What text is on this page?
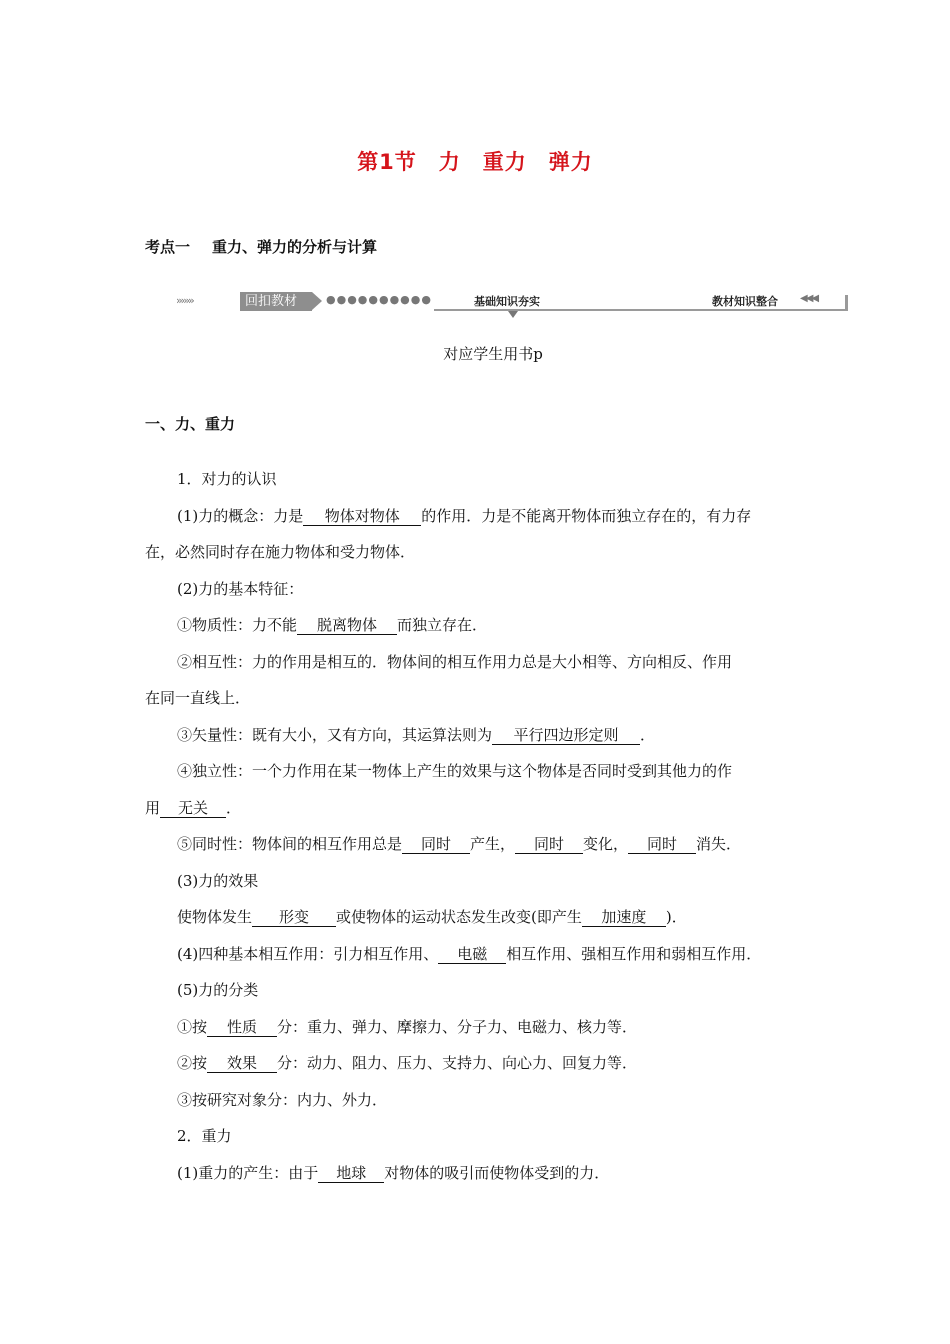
第1节　力　重力　弹力
考点一 重力、弹力的分析与计算
›››››››	回扣教材	●●●●●●●●●●	基础知识夯实	教材知识整合 ◀◀◀
对应学生用书p
一、力、重力

1．对力的认识

(1)力的概念：力是 物体对物体 的作用．力是不能离开物体而独立存在的，有力存

在，必然同时存在施力物体和受力物体．

(2)力的基本特征：

①物质性：力不能 脱离物体 而独立存在．

②相互性：力的作用是相互的．物体间的相互作用力总是大小相等、方向相反、作用

在同一直线上．

③矢量性：既有大小，又有方向，其运算法则为 平行四边形定则 ．

④独立性：一个力作用在某一物体上产生的效果与这个物体是否同时受到其他力的作

用 无关 ．

⑤同时性：物体间的相互作用总是 同时 产生， 同时 变化， 同时 消失．

(3)力的效果

使物体发生 形变 或使物体的运动状态发生改变(即产生 加速度 )．

(4)四种基本相互作用：引力相互作用、 电磁 相互作用、强相互作用和弱相互作用．

(5)力的分类

①按 性质 分：重力、弹力、摩擦力、分子力、电磁力、核力等．

②按 效果 分：动力、阻力、压力、支持力、向心力、回复力等．

③按研究对象分：内力、外力．

2．重力

(1)重力的产生：由于 地球 对物体的吸引而使物体受到的力．
